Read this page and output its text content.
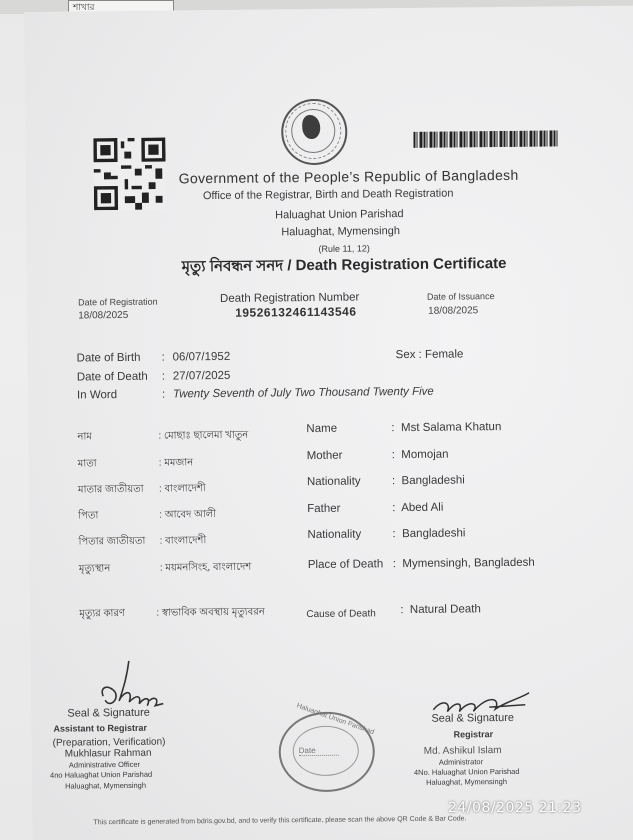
শাখার
Government of the People’s Republic of Bangladesh
Office of the Registrar, Birth and Death Registration
Haluaghat Union Parishad
Haluaghat, Mymensingh
(Rule 11, 12)
মৃত্যু নিবন্ধন সনদ / Death Registration Certificate
Date of Registration
18/08/2025
Death Registration Number
19526132461143546
Date of Issuance
18/08/2025
Date of Birth : 06/07/1952	Sex : Female
Date of Death : 27/07/2025
In Word	: Twenty Seventh of July Two Thousand Twenty Five
নাম	: মোছাঃ ছালেমা খাতুন
মাতা	: মমজান
মাতার জাতীয়তা : বাংলাদেশী
পিতা	: আবেদ আলী
পিতার জাতীয়তা : বাংলাদেশী
মৃত্যুস্থান	: ময়মনসিংহ, বাংলাদেশ
মৃত্যুর কারণ	: স্বাভাবিক অবস্থায় মৃত্যুবরন
Name	:  Mst Salama Khatun
Mother	:  Momojan
Nationality	:  Bangladeshi
Father	:  Abed Ali
Nationality	:  Bangladeshi
Place of Death :  Mymensingh, Bangladesh
Cause of Death :  Natural Death
Seal & Signature
Assistant to Registrar
(Preparation, Verification)
Mukhlasur Rahman
Administrative Officer
4no Haluaghat Union Parishad
Haluaghat, Mymensingh
Haluaghat Union Parishad
Date
Seal & Signature
Registrar
Md. Ashikul Islam
Administrator
4No. Haluaghat Union Parishad
Haluaghat, Mymensingh
This certificate is generated from bdris.gov.bd, and to verify this certificate, please scan the above QR Code & Bar Code.
24/08/2025 21:23
